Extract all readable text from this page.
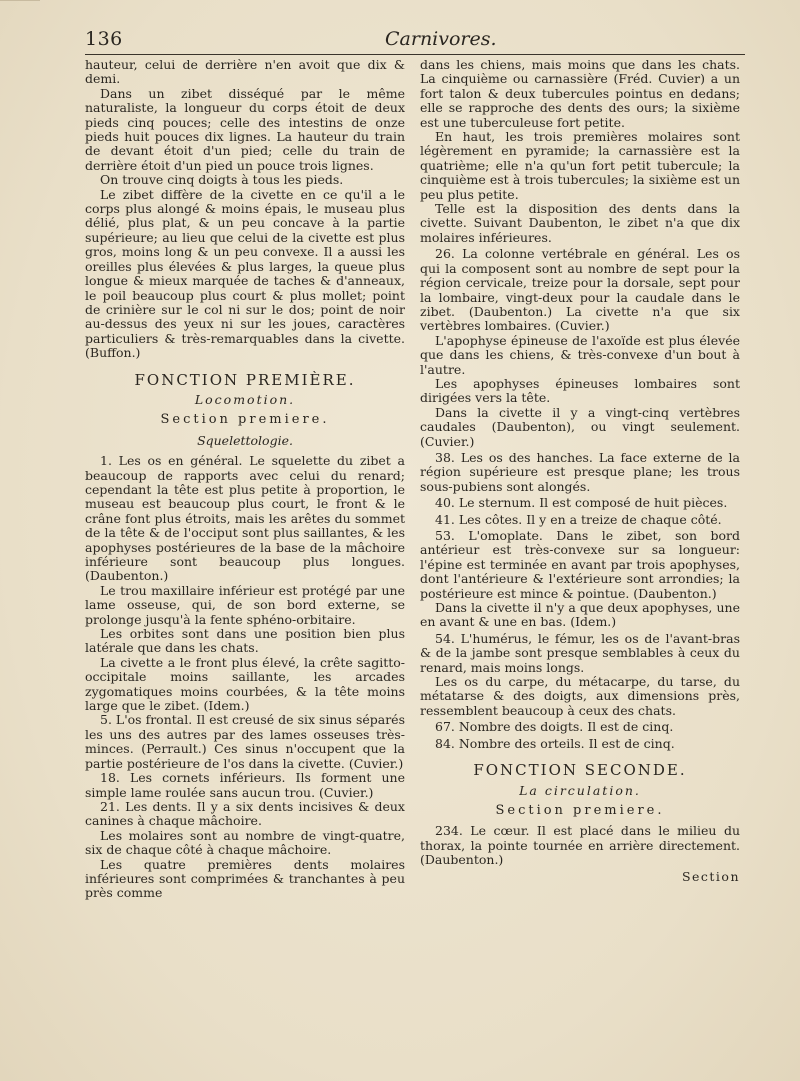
136	Carnivores.

hauteur, celui de derrière n'en avoit que dix & demi.

Dans un zibet disséqué par le même naturaliste, la longueur du corps étoit de deux pieds cinq pouces; celle des intestins de onze pieds huit pouces dix lignes. La hauteur du train de devant étoit d'un pied; celle du train de derrière étoit d'un pied un pouce trois lignes.

On trouve cinq doigts à tous les pieds.

Le zibet diffère de la civette en ce qu'il a le corps plus alongé & moins épais, le museau plus délié, plus plat, & un peu concave à la partie supérieure; au lieu que celui de la civette est plus gros, moins long & un peu convexe. Il a aussi les oreilles plus élevées & plus larges, la queue plus longue & mieux marquée de taches & d'anneaux, le poil beaucoup plus court & plus mollet; point de crinière sur le col ni sur le dos; point de noir au-dessus des yeux ni sur les joues, caractères particuliers & très-remarquables dans la civette. (Buffon.)

FONCTION PREMIÈRE.

Locomotion.

Section premiere.

Squelettologie.

1. Les os en général. Le squelette du zibet a beaucoup de rapports avec celui du renard; cependant la tête est plus petite à proportion, le museau est beaucoup plus court, le front & le crâne font plus étroits, mais les arêtes du sommet de la tête & de l'occiput sont plus saillantes, & les apophyses postérieures de la base de la mâchoire inférieure sont beaucoup plus longues. (Daubenton.)

Le trou maxillaire inférieur est protégé par une lame osseuse, qui, de son bord externe, se prolonge jusqu'à la fente sphéno-orbitaire.

Les orbites sont dans une position bien plus latérale que dans les chats.

La civette a le front plus élevé, la crête sagitto-occipitale moins saillante, les arcades zygomatiques moins courbées, & la tête moins large que le zibet. (Idem.)

5. L'os frontal. Il est creusé de six sinus séparés les uns des autres par des lames osseuses très-minces. (Perrault.) Ces sinus n'occupent que la partie postérieure de l'os dans la civette. (Cuvier.)

18. Les cornets inférieurs. Ils forment une simple lame roulée sans aucun trou. (Cuvier.)

21. Les dents. Il y a six dents incisives & deux canines à chaque mâchoire.

Les molaires sont au nombre de vingt-quatre, six de chaque côté à chaque mâchoire.

Les quatre premières dents molaires inférieures sont comprimées & tranchantes à peu près comme

dans les chiens, mais moins que dans les chats. La cinquième ou carnassière (Fréd. Cuvier) a un fort talon & deux tubercules pointus en dedans; elle se rapproche des dents des ours; la sixième est une tuberculeuse fort petite.

En haut, les trois premières molaires sont légèrement en pyramide; la carnassière est la quatrième; elle n'a qu'un fort petit tubercule; la cinquième est à trois tubercules; la sixième est un peu plus petite.

Telle est la disposition des dents dans la civette. Suivant Daubenton, le zibet n'a que dix molaires inférieures.

26. La colonne vertébrale en général. Les os qui la composent sont au nombre de sept pour la région cervicale, treize pour la dorsale, sept pour la lombaire, vingt-deux pour la caudale dans le zibet. (Daubenton.) La civette n'a que six vertèbres lombaires. (Cuvier.)

L'apophyse épineuse de l'axoïde est plus élevée que dans les chiens, & très-convexe d'un bout à l'autre.

Les apophyses épineuses lombaires sont dirigées vers la tête.

Dans la civette il y a vingt-cinq vertèbres caudales (Daubenton), ou vingt seulement. (Cuvier.)

38. Les os des hanches. La face externe de la région supérieure est presque plane; les trous sous-pubiens sont alongés.

40. Le sternum. Il est composé de huit pièces.

41. Les côtes. Il y en a treize de chaque côté.

53. L'omoplate. Dans le zibet, son bord antérieur est très-convexe sur sa longueur: l'épine est terminée en avant par trois apophyses, dont l'antérieure & l'extérieure sont arrondies; la postérieure est mince & pointue. (Daubenton.)

Dans la civette il n'y a que deux apophyses, une en avant & une en bas. (Idem.)

54. L'humérus, le fémur, les os de l'avant-bras & de la jambe sont presque semblables à ceux du renard, mais moins longs.

Les os du carpe, du métacarpe, du tarse, du métatarse & des doigts, aux dimensions près, ressemblent beaucoup à ceux des chats.

67. Nombre des doigts. Il est de cinq.

84. Nombre des orteils. Il est de cinq.

FONCTION SECONDE.

La circulation.

Section premiere.

234. Le cœur. Il est placé dans le milieu du thorax, la pointe tournée en arrière directement. (Daubenton.)

Section
